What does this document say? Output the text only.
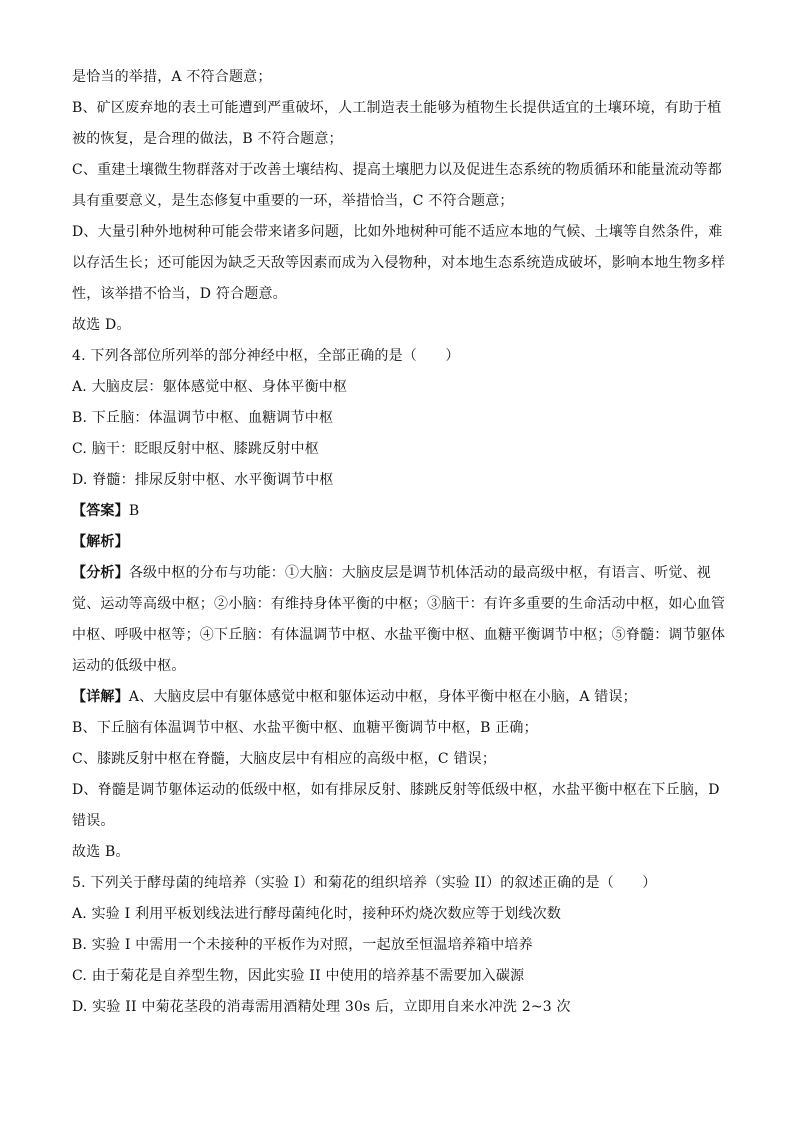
是恰当的举措，A 不符合题意；
B、矿区废弃地的表土可能遭到严重破坏，人工制造表土能够为植物生长提供适宜的土壤环境，有助于植
被的恢复，是合理的做法，B 不符合题意；
C、重建土壤微生物群落对于改善土壤结构、提高土壤肥力以及促进生态系统的物质循环和能量流动等都
具有重要意义，是生态修复中重要的一环，举措恰当，C 不符合题意；
D、大量引种外地树种可能会带来诸多问题，比如外地树种可能不适应本地的气候、土壤等自然条件，难
以存活生长；还可能因为缺乏天敌等因素而成为入侵物种，对本地生态系统造成破坏，影响本地生物多样
性，该举措不恰当，D 符合题意。
故选 D。
4. 下列各部位所列举的部分神经中枢，全部正确的是（　　）
A. 大脑皮层：躯体感觉中枢、身体平衡中枢
B. 下丘脑：体温调节中枢、血糖调节中枢
C. 脑干：眨眼反射中枢、膝跳反射中枢
D. 脊髓：排尿反射中枢、水平衡调节中枢
【答案】B
【解析】
【分析】各级中枢的分布与功能：①大脑：大脑皮层是调节机体活动的最高级中枢，有语言、听觉、视
觉、运动等高级中枢；②小脑：有维持身体平衡的中枢；③脑干：有许多重要的生命活动中枢，如心血管
中枢、呼吸中枢等；④下丘脑：有体温调节中枢、水盐平衡中枢、血糖平衡调节中枢；⑤脊髓：调节躯体
运动的低级中枢。
【详解】A、大脑皮层中有躯体感觉中枢和躯体运动中枢，身体平衡中枢在小脑，A 错误；
B、下丘脑有体温调节中枢、水盐平衡中枢、血糖平衡调节中枢，B 正确；
C、膝跳反射中枢在脊髓，大脑皮层中有相应的高级中枢，C 错误；
D、脊髓是调节躯体运动的低级中枢，如有排尿反射、膝跳反射等低级中枢，水盐平衡中枢在下丘脑，D
错误。
故选 B。
5. 下列关于酵母菌的纯培养（实验 I）和菊花的组织培养（实验 II）的叙述正确的是（　　）
A. 实验 I 利用平板划线法进行酵母菌纯化时，接种环灼烧次数应等于划线次数
B. 实验 I 中需用一个未接种的平板作为对照，一起放至恒温培养箱中培养
C. 由于菊花是自养型生物，因此实验 II 中使用的培养基不需要加入碳源
D. 实验 II 中菊花茎段的消毒需用酒精处理 30s 后，立即用自来水冲洗 2~3 次
